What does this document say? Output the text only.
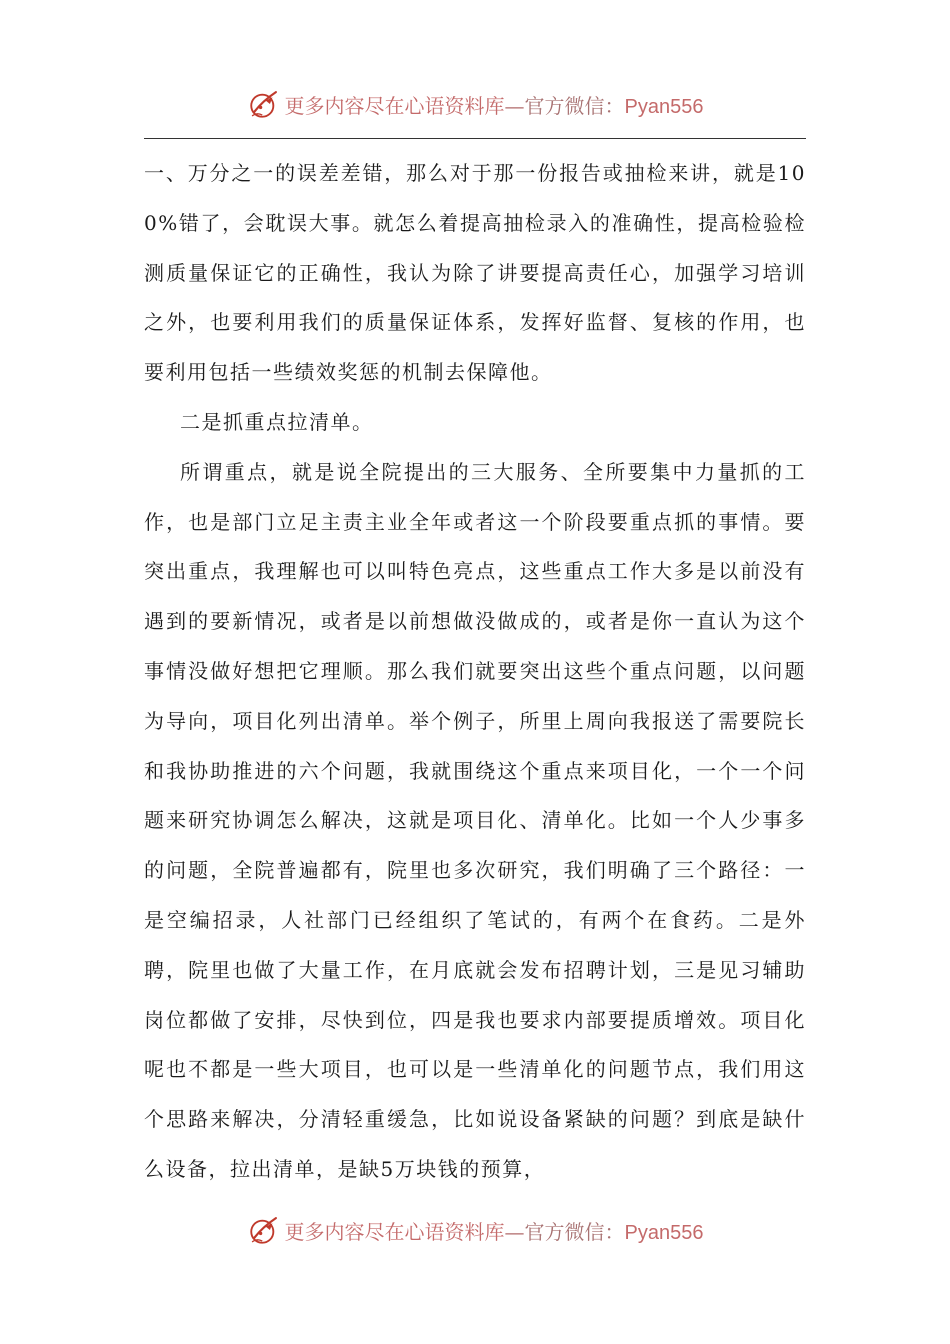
更多内容尽在心语资料库—官方微信：Pyan556

一、万分之一的误差差错，那么对于那一份报告或抽检来讲，就是100%错了，会耽误大事。就怎么着提高抽检录入的准确性，提高检验检测质量保证它的正确性，我认为除了讲要提高责任心，加强学习培训之外，也要利用我们的质量保证体系，发挥好监督、复核的作用，也要利用包括一些绩效奖惩的机制去保障他。

二是抓重点拉清单。

所谓重点，就是说全院提出的三大服务、全所要集中力量抓的工作，也是部门立足主责主业全年或者这一个阶段要重点抓的事情。要突出重点，我理解也可以叫特色亮点，这些重点工作大多是以前没有遇到的要新情况，或者是以前想做没做成的，或者是你一直认为这个事情没做好想把它理顺。那么我们就要突出这些个重点问题，以问题为导向，项目化列出清单。举个例子，所里上周向我报送了需要院长和我协助推进的六个问题，我就围绕这个重点来项目化，一个一个问题来研究协调怎么解决，这就是项目化、清单化。比如一个人少事多的问题，全院普遍都有，院里也多次研究，我们明确了三个路径：一是空编招录，人社部门已经组织了笔试的，有两个在食药。二是外聘，院里也做了大量工作，在月底就会发布招聘计划，三是见习辅助岗位都做了安排，尽快到位，四是我也要求内部要提质增效。项目化呢也不都是一些大项目，也可以是一些清单化的问题节点，我们用这个思路来解决，分清轻重缓急，比如说设备紧缺的问题？到底是缺什么设备，拉出清单，是缺5万块钱的预算，

更多内容尽在心语资料库—官方微信：Pyan556
